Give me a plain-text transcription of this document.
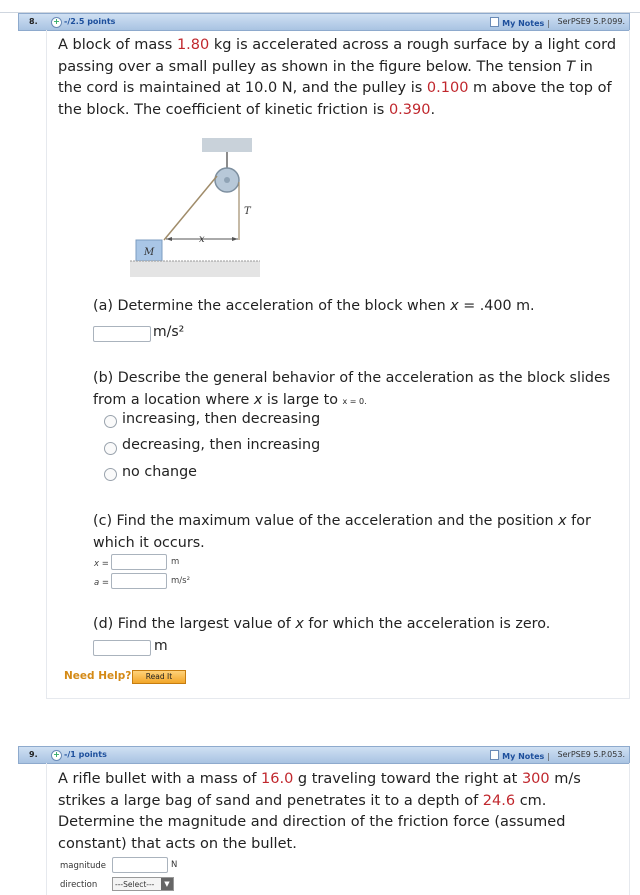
8. + -/2.5 points	My Notes | SerPSE9 5.P.099.
A block of mass 1.80 kg is accelerated across a rough surface by a light cord passing over a small pulley as shown in the figure below. The tension T in the cord is maintained at 10.0 N, and the pulley is 0.100 m above the top of the block. The coefficient of kinetic friction is 0.390.
x
T
M
(a) Determine the acceleration of the block when x = .400 m.
m/s²
(b) Describe the general behavior of the acceleration as the block slides from a location where x is large to x = 0.
increasing, then decreasing
decreasing, then increasing
no change
(c) Find the maximum value of the acceleration and the position x for which it occurs.
x =	m
a =	m/s²
(d) Find the largest value of x for which the acceleration is zero.
m
Need Help?	Read It
9. + -/1 points	My Notes | SerPSE9 5.P.053.
A rifle bullet with a mass of 16.0 g traveling toward the right at 300 m/s strikes a large bag of sand and penetrates it to a depth of 24.6 cm. Determine the magnitude and direction of the friction force (assumed constant) that acts on the bullet.
magnitude	N
direction	---Select---	▼
